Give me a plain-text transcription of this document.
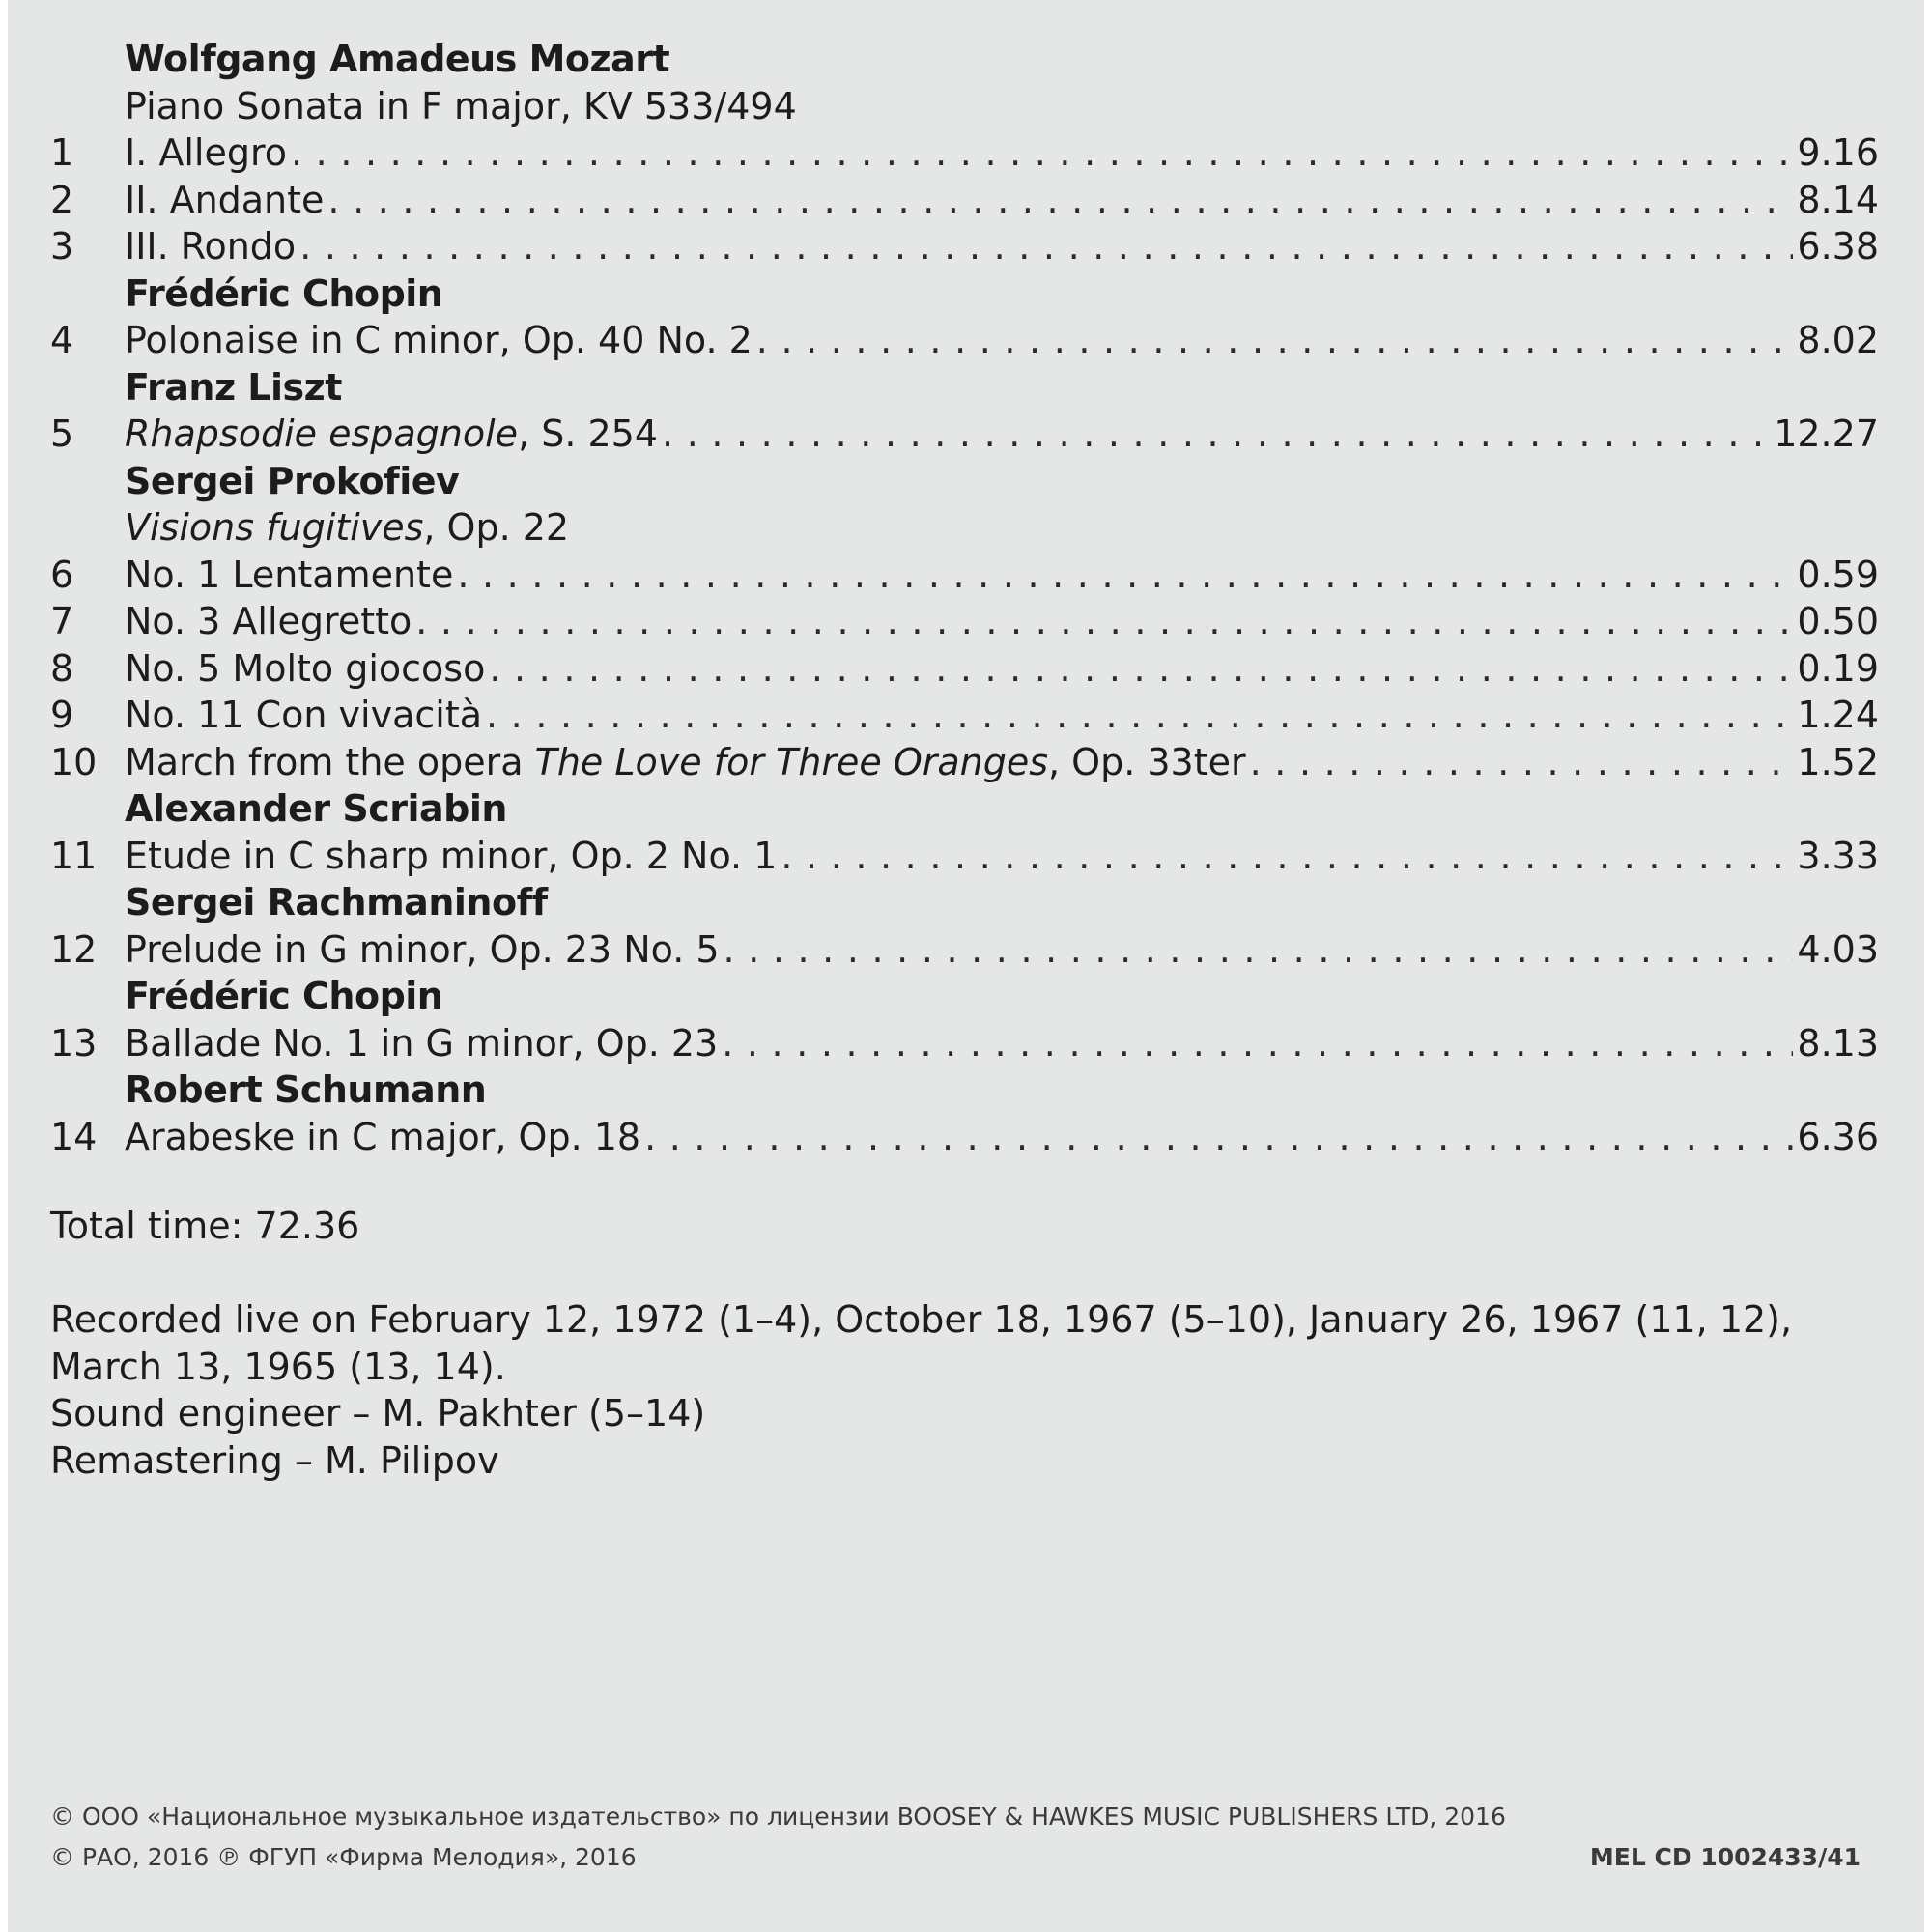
Wolfgang Amadeus Mozart
Piano Sonata in F major, KV 533/494
1	I. Allegro . . .	9.16
2	II. Andante . . .	8.14
3	III. Rondo . . .	6.38
Frédéric Chopin
4	Polonaise in C minor, Op. 40 No. 2 . . .	8.02
Franz Liszt
5	Rhapsodie espagnole, S. 254 . . .	12.27
Sergei Prokofiev
Visions fugitives , Op. 22
6	No. 1 Lentamente . . .	0.59
7	No. 3 Allegretto . . .	0.50
8	No. 5 Molto giocoso . . .	0.19
9	No. 11 Con vivacità . . .	1.24
10 March from the opera The Love for Three Oranges, Op. 33ter . . .	1.52
Alexander Scriabin
11 Etude in C sharp minor, Op. 2 No. 1 . . .	3.33
Sergei Rachmaninoff
12 Prelude in G minor, Op. 23 No. 5 . . .	4.03
Frédéric Chopin
13 Ballade No. 1 in G minor, Op. 23 . . .	8.13
Robert Schumann
14 Arabeske in C major, Op. 18 . . .	6.36
Total time: 72.36
Recorded live on February 12, 1972 (1–4), October 18, 1967 (5–10), January 26, 1967 (11, 12),
March 13, 1965 (13, 14).
Sound engineer – M. Pakhter (5–14)
Remastering – M. Pilipov
© ООО «Национальное музыкальное издательство» по лицензии BOOSEY & HAWKES MUSIC PUBLISHERS LTD, 2016
© РАО, 2016 ℗ ФГУП «Фирма Мелодия», 2016	MEL CD 1002433/41
